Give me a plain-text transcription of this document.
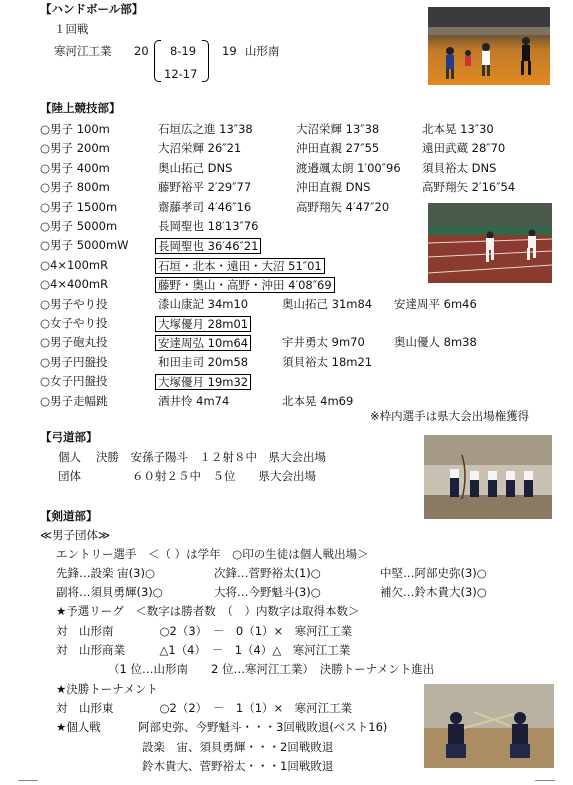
【ハンドボール部】
１回戦
寒河江工業 20 8-19
12-17
19 山形南
【陸上競技部】
○男子 100m	石垣広之進 13″38	大沼栄輝 13″38	北本晃 13″30
○男子 200m	大沼栄輝 26″21	沖田直親 27″55	遠田武蔵 28″70
○男子 400m	奥山拓己 DNS	渡邉颯太朗 1′00″96 須貝裕太 DNS
○男子 800m	藤野裕平 2′29″77	沖田直親 DNS	高野翔矢 2′16″54
○男子 1500m	齋藤孝司 4′46″16	高野翔矢 4′47″20
○男子 5000m	長岡聖也 18′13″76
○男子 5000mW	長岡聖也 36′46″21
○4×100mR	石垣・北本・遠田・大沼 51″01
○4×400mR	藤野・奥山・高野・沖田 4′08″69
○男子やり投	漆山康記 34m10	奥山拓己 31m84 安達周平 6m46
○女子やり投	大塚優月 28m01
○男子砲丸投	安達周弘 10m64	宇井勇太 9m70	奥山優人 8m38
○男子円盤投	和田圭司 20m58	須貝裕太 18m21
○女子円盤投	大塚優月 19m32
○男子走幅跳	酒井怜 4m74	北本晃 4m69
※枠内選手は県大会出場権獲得
【弓道部】
個人 決勝　安孫子陽斗　１２射８中　県大会出場
団体	６０射２５中　５位　　県大会出場
【剣道部】
≪男子団体≫
エントリー選手　＜（ ）は学年　○印の生徒は個人戦出場＞
先鋒…設楽 宙(3)○	次鋒…菅野裕太(1)○	中堅…阿部史弥(3)○
副将…須貝勇輝(3)○	大将…今野魁斗(3)○	補欠…鈴木貴大(3)○
★予選リーグ　＜数字は勝者数　（　）内数字は取得本数＞
対　山形南　　　　○2（3）　－　0（1）×　寒河江工業
対　山形商業　　　△1（4）　－　1（4）△　寒河江工業
（1 位…山形南　　2 位…寒河江工業）　決勝トーナメント進出
★決勝トーナメント
対　山形東　　　　○2（2）　－　1（1）×　寒河江工業
★個人戦	阿部史弥、今野魁斗・・・3回戦敗退(ベスト16)
設楽　宙、須貝勇輝・・・2回戦敗退
鈴木貴大、菅野裕太・・・1回戦敗退
